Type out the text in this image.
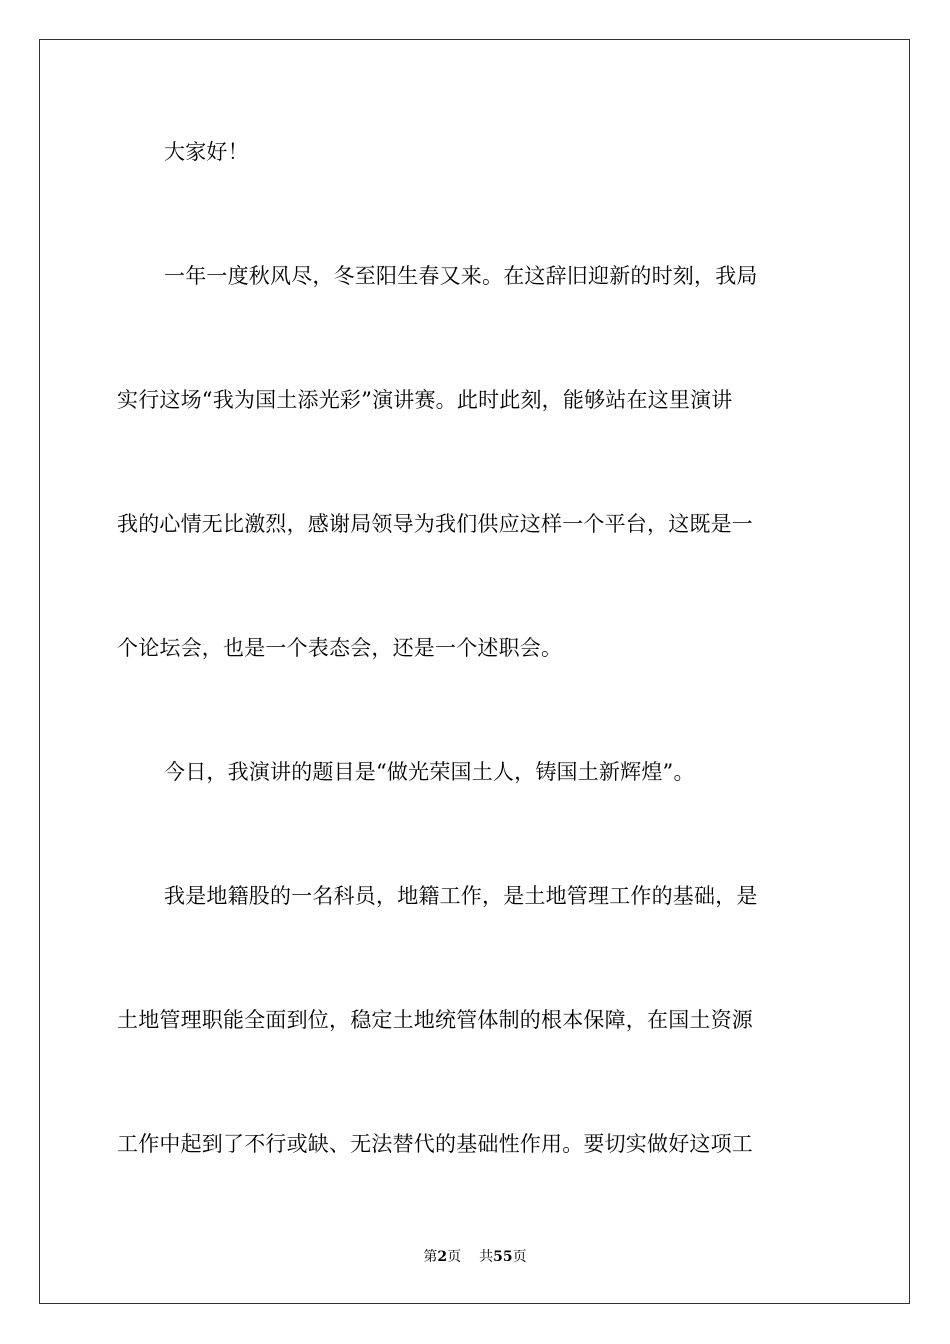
大家好！
一年一度秋风尽，冬至阳生春又来。在这辞旧迎新的时刻，我局
实行这场“我为国土添光彩”演讲赛。此时此刻，能够站在这里演讲
我的心情无比激烈，感谢局领导为我们供应这样一个平台，这既是一
个论坛会，也是一个表态会，还是一个述职会。
今日，我演讲的题目是“做光荣国土人，铸国土新辉煌”。
我是地籍股的一名科员，地籍工作，是土地管理工作的基础，是
土地管理职能全面到位，稳定土地统管体制的根本保障，在国土资源
工作中起到了不行或缺、无法替代的基础性作用。要切实做好这项工
第2页 共55页
